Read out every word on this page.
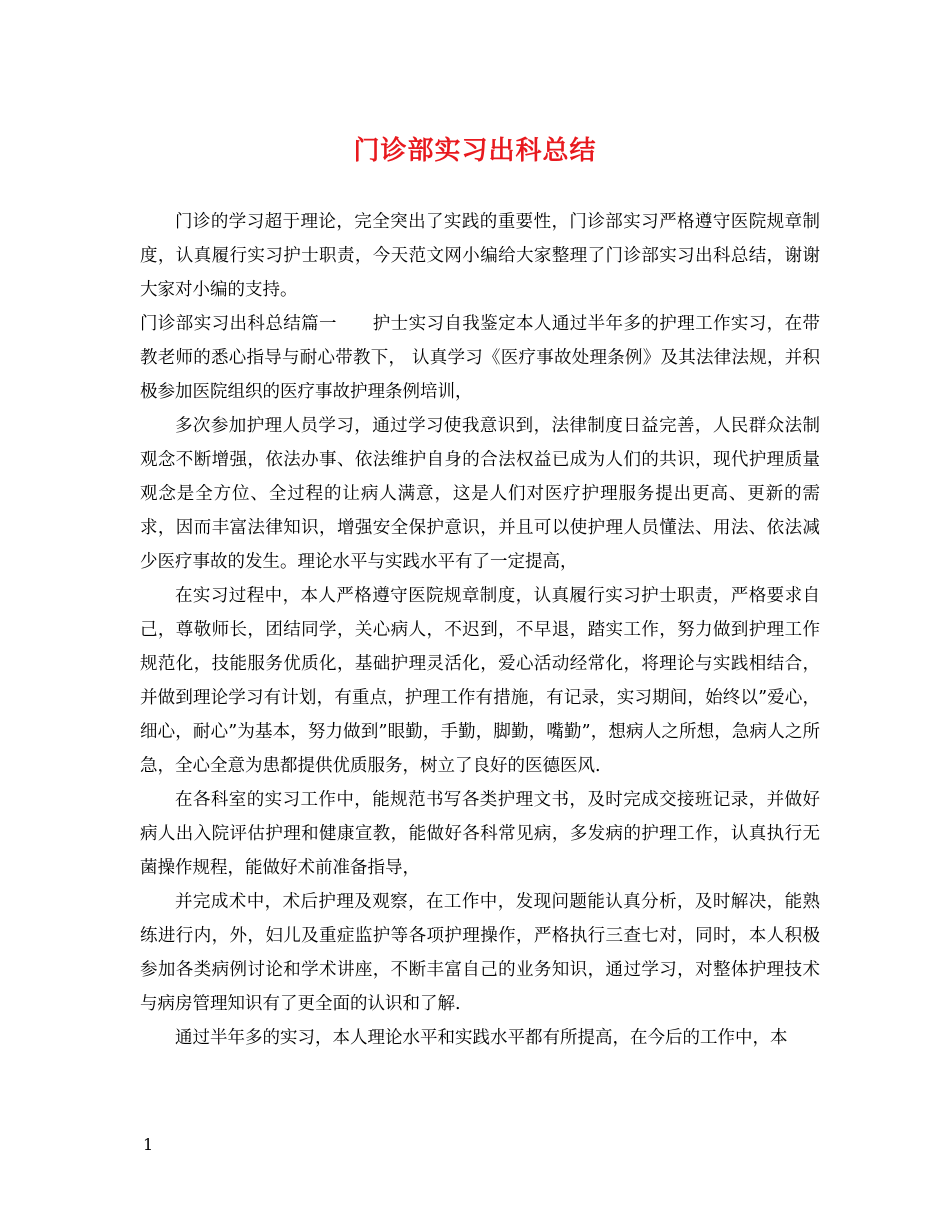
门诊部实习出科总结

门诊的学习超于理论，完全突出了实践的重要性，门诊部实习严格遵守医院规章制度，认真履行实习护士职责，今天范文网小编给大家整理了门诊部实习出科总结，谢谢大家对小编的支持。

门诊部实习出科总结篇一　　护士实习自我鉴定本人通过半年多的护理工作实习，在带教老师的悉心指导与耐心带教下， 认真学习《医疗事故处理条例》及其法律法规，并积极参加医院组织的医疗事故护理条例培训，

多次参加护理人员学习，通过学习使我意识到，法律制度日益完善，人民群众法制观念不断增强，依法办事、依法维护自身的合法权益已成为人们的共识，现代护理质量观念是全方位、全过程的让病人满意，这是人们对医疗护理服务提出更高、更新的需求，因而丰富法律知识，增强安全保护意识，并且可以使护理人员懂法、用法、依法减少医疗事故的发生。理论水平与实践水平有了一定提高，

在实习过程中，本人严格遵守医院规章制度，认真履行实习护士职责，严格要求自己，尊敬师长，团结同学，关心病人，不迟到，不早退，踏实工作，努力做到护理工作规范化，技能服务优质化，基础护理灵活化，爱心活动经常化，将理论与实践相结合，并做到理论学习有计划，有重点，护理工作有措施，有记录，实习期间，始终以”爱心，细心，耐心”为基本，努力做到”眼勤，手勤，脚勤，嘴勤”，想病人之所想，急病人之所急，全心全意为患都提供优质服务，树立了良好的医德医风.

在各科室的实习工作中，能规范书写各类护理文书，及时完成交接班记录，并做好病人出入院评估护理和健康宣教，能做好各科常见病，多发病的护理工作，认真执行无菌操作规程，能做好术前准备指导，

并完成术中，术后护理及观察，在工作中，发现问题能认真分析，及时解决，能熟练进行内，外，妇儿及重症监护等各项护理操作，严格执行三查七对，同时，本人积极参加各类病例讨论和学术讲座，不断丰富自己的业务知识，通过学习，对整体护理技术与病房管理知识有了更全面的认识和了解.

通过半年多的实习，本人理论水平和实践水平都有所提高，在今后的工作中，本

1
